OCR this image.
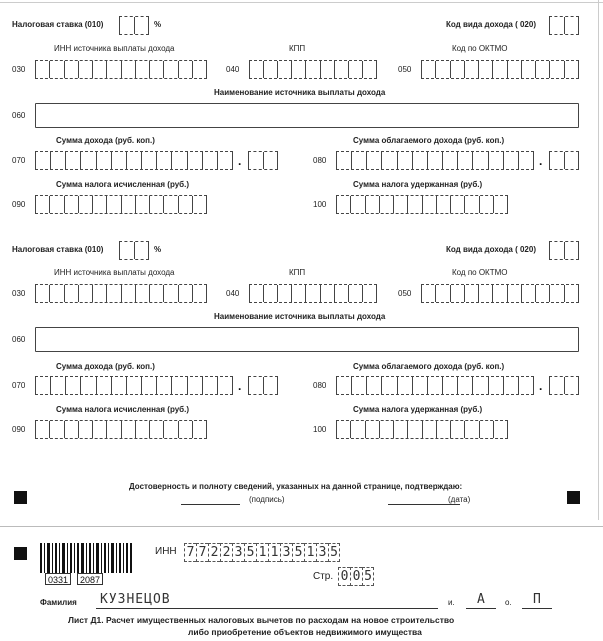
Налоговая ставка (010)	%	Код вида дохода ( 020)
ИНН источника выплаты дохода	КПП	Код по ОКТМО
030	040	050
Наименование источника выплаты дохода
060
Сумма дохода (руб. коп.)	Сумма облагаемого дохода (руб. коп.)
070	.	080	.
Сумма налога исчисленная (руб.)	Сумма налога удержанная (руб.)
090	100
Налоговая ставка (010)	%	Код вида дохода ( 020)
ИНН источника выплаты дохода	КПП	Код по ОКТМО
030	040	050
Наименование источника выплаты дохода
060
Сумма дохода (руб. коп.)	Сумма облагаемого дохода (руб. коп.)
070	.	080	.
Сумма налога исчисленная (руб.)	Сумма налога удержанная (руб.)
090	100
Достоверность и полноту сведений, указанных на данной странице, подтверждаю:
(подпись)	(дата)
0331	2087
ИНН 7 7 2 2 3 5 1 1 3 5 1 3 5
Стр. 0 0 5
Фамилия КУЗНЕЦОВ	и. А о. П
Лист Д1. Расчет имущественных налоговых вычетов по расходам на новое строительство
либо приобретение объектов недвижимого имущества
